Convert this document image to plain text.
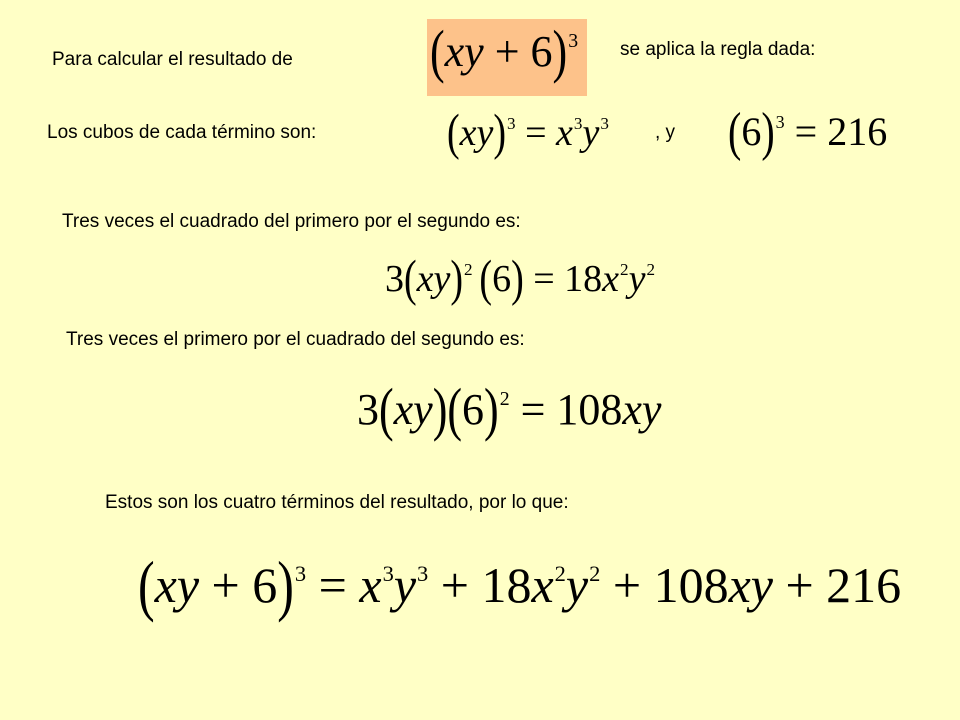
(xy + 6)$^3$
Para calcular el resultado de	se aplica la regla dada:
Los cubos de cada término son:	$(xy)^3 = x^3y^3$ , y $(6)^3 = 216$
Tres veces el cuadrado del primero por el segundo es:
3(xy)$^2$ $(6) = 18x^2y^2$
Tres veces el primero por el cuadrado del segundo es:
$3(xy)(6)^2 = 108xy$
Estos son los cuatro términos del resultado, por lo que:
$(xy + 6)^3 = x^3y^3 + 18x^2y^2 + 108xy + 216$
